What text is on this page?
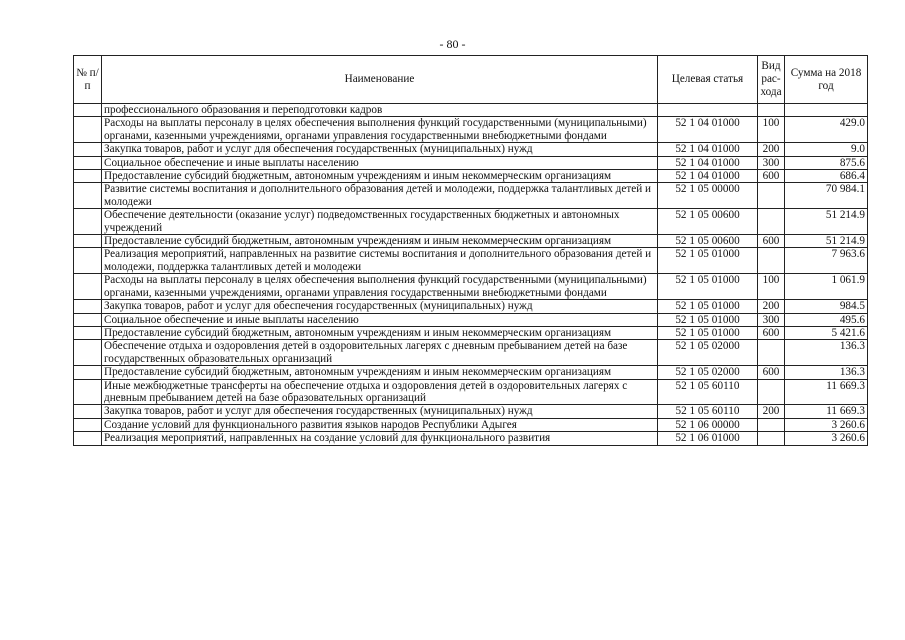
- 80 -
№ п/п	Наименование	Целевая статья	Вид рас-хода	Сумма на 2018 год
	профессионального образования и переподготовки кадров			
	Расходы на выплаты персоналу в целях обеспечения выполнения функций государственными (муниципальными) органами, казенными учреждениями, органами управления государственными внебюджетными фондами	52 1 04 01000	100	429.0
	Закупка товаров, работ и услуг для обеспечения государственных (муниципальных) нужд	52 1 04 01000	200	9.0
	Социальное обеспечение и иные выплаты населению	52 1 04 01000	300	875.6
	Предоставление субсидий бюджетным, автономным учреждениям и иным некоммерческим организациям	52 1 04 01000	600	686.4
	Развитие системы воспитания и дополнительного образования детей и молодежи, поддержка талантливых детей и молодежи	52 1 05 00000		70 984.1
	Обеспечение деятельности (оказание услуг) подведомственных государственных бюджетных и автономных учреждений	52 1 05 00600		51 214.9
	Предоставление субсидий бюджетным, автономным учреждениям и иным некоммерческим организациям	52 1 05 00600	600	51 214.9
	Реализация мероприятий, направленных на развитие системы воспитания и дополнительного образования детей и молодежи, поддержка талантливых детей и молодежи	52 1 05 01000		7 963.6
	Расходы на выплаты персоналу в целях обеспечения выполнения функций государственными (муниципальными) органами, казенными учреждениями, органами управления государственными внебюджетными фондами	52 1 05 01000	100	1 061.9
	Закупка товаров, работ и услуг для обеспечения государственных (муниципальных) нужд	52 1 05 01000	200	984.5
	Социальное обеспечение и иные выплаты населению	52 1 05 01000	300	495.6
	Предоставление субсидий бюджетным, автономным учреждениям и иным некоммерческим организациям	52 1 05 01000	600	5 421.6
	Обеспечение отдыха и оздоровления детей в оздоровительных лагерях с дневным пребыванием детей на базе государственных образовательных организаций	52 1 05 02000		136.3
	Предоставление субсидий бюджетным, автономным учреждениям и иным некоммерческим организациям	52 1 05 02000	600	136.3
	Иные межбюджетные трансферты на обеспечение отдыха и оздоровления детей в оздоровительных лагерях с дневным пребыванием детей на базе образовательных организаций	52 1 05 60110		11 669.3
	Закупка товаров, работ и услуг для обеспечения государственных (муниципальных) нужд	52 1 05 60110	200	11 669.3
	Создание условий для функционального развития языков народов Республики Адыгея	52 1 06 00000		3 260.6
	Реализация мероприятий, направленных на создание условий для функционального развития	52 1 06 01000		3 260.6
